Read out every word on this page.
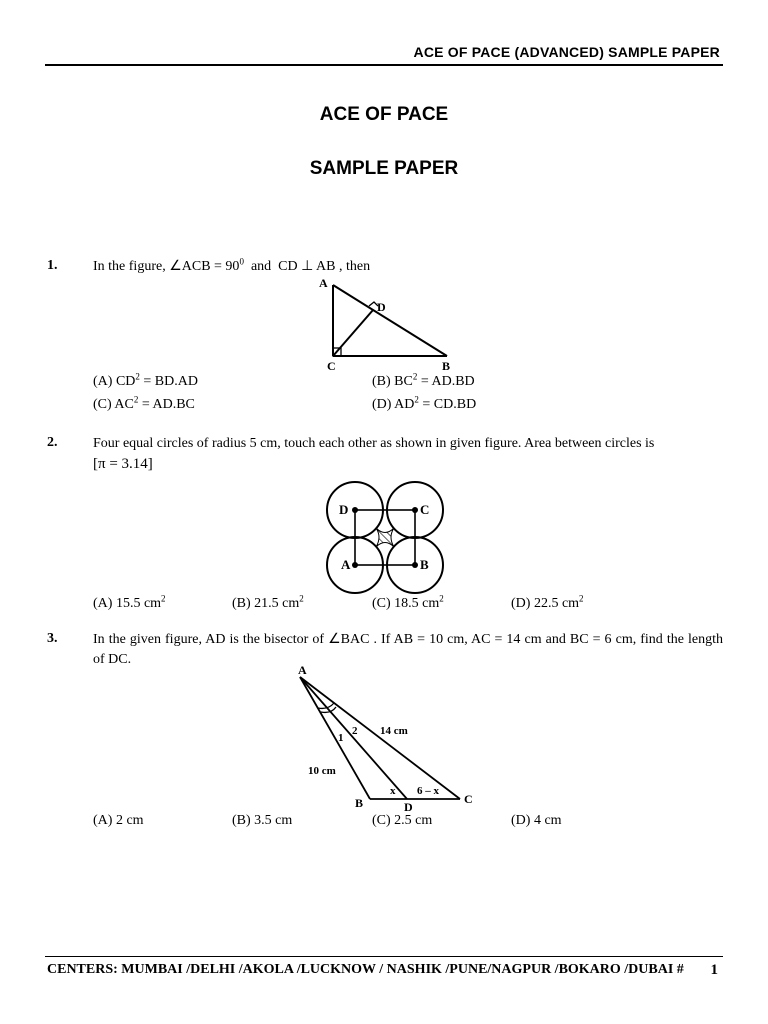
ACE OF PACE (ADVANCED) SAMPLE PAPER
ACE OF PACE
SAMPLE PAPER
1.	In the figure, ∠ACB = $90^0$  and  CD ⊥ AB , then
A
D
C	B
(A) $CD^2 = BD.AD$	(B) $BC^2 = AD.BD$
(C) $AC^2 = AD.BC$	(D) $AD^2 = CD.BD$
2.	Four equal circles of radius 5 cm, touch each other as shown in given figure. Area between circles is
[π = 3.14]
D	C
A	B
(A) 15.5 $cm^2$	(B) 21.5 $cm^2$	(C) 18.5 $cm^2$	(D) 22.5 $cm^2$
3.	In the given figure, AD is the bisector of ∠BAC . If AB = 10 cm, AC = 14 cm and BC = 6 cm, find the length of DC.
A
B	D
C
1
2 14 cm
10 cm
x 6 – x
(A) 2 cm	(B) 3.5 cm	(C) 2.5 cm	(D) 4 cm
CENTERS: MUMBAI /DELHI /AKOLA /LUCKNOW / NASHIK /PUNE/NAGPUR /BOKARO /DUBAI # 1
